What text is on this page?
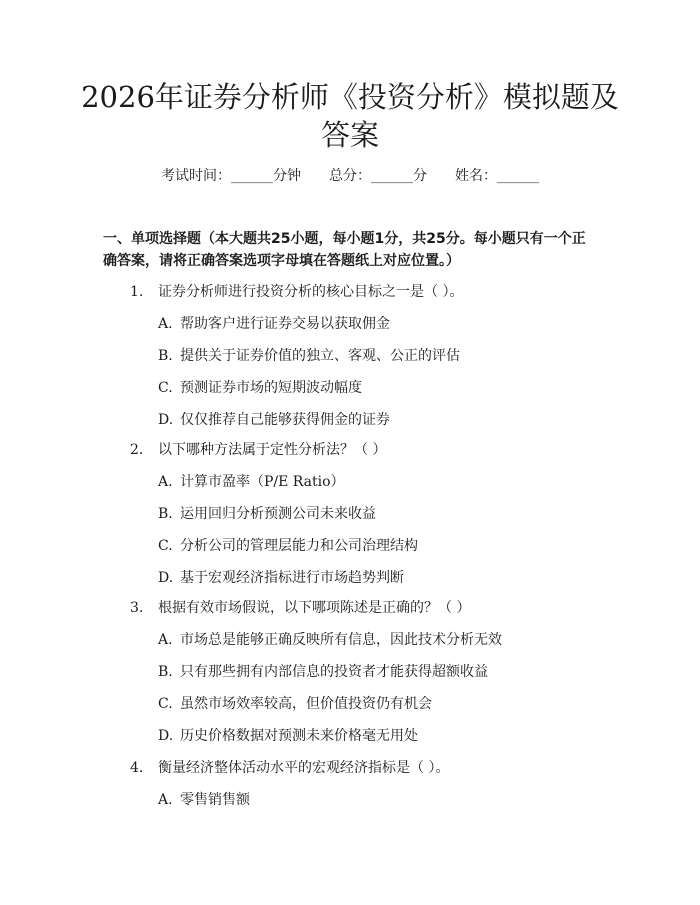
2026年证券分析师《投资分析》模拟题及答案
考试时间：______分钟 总分：______分 姓名：______

一、单项选择题（本大题共25小题，每小题1分，共25分。每小题只有一个正确答案，请将正确答案选项字母填在答题纸上对应位置。）

1. 证券分析师进行投资分析的核心目标之一是（ ）。
A. 帮助客户进行证券交易以获取佣金
B. 提供关于证券价值的独立、客观、公正的评估
C. 预测证券市场的短期波动幅度
D. 仅仅推荐自己能够获得佣金的证券
2. 以下哪种方法属于定性分析法？（ ）
A. 计算市盈率（P/E Ratio）
B. 运用回归分析预测公司未来收益
C. 分析公司的管理层能力和公司治理结构
D. 基于宏观经济指标进行市场趋势判断
3. 根据有效市场假说，以下哪项陈述是正确的？（ ）
A. 市场总是能够正确反映所有信息，因此技术分析无效
B. 只有那些拥有内部信息的投资者才能获得超额收益
C. 虽然市场效率较高，但价值投资仍有机会
D. 历史价格数据对预测未来价格毫无用处
4. 衡量经济整体活动水平的宏观经济指标是（ ）。
A. 零售销售额
